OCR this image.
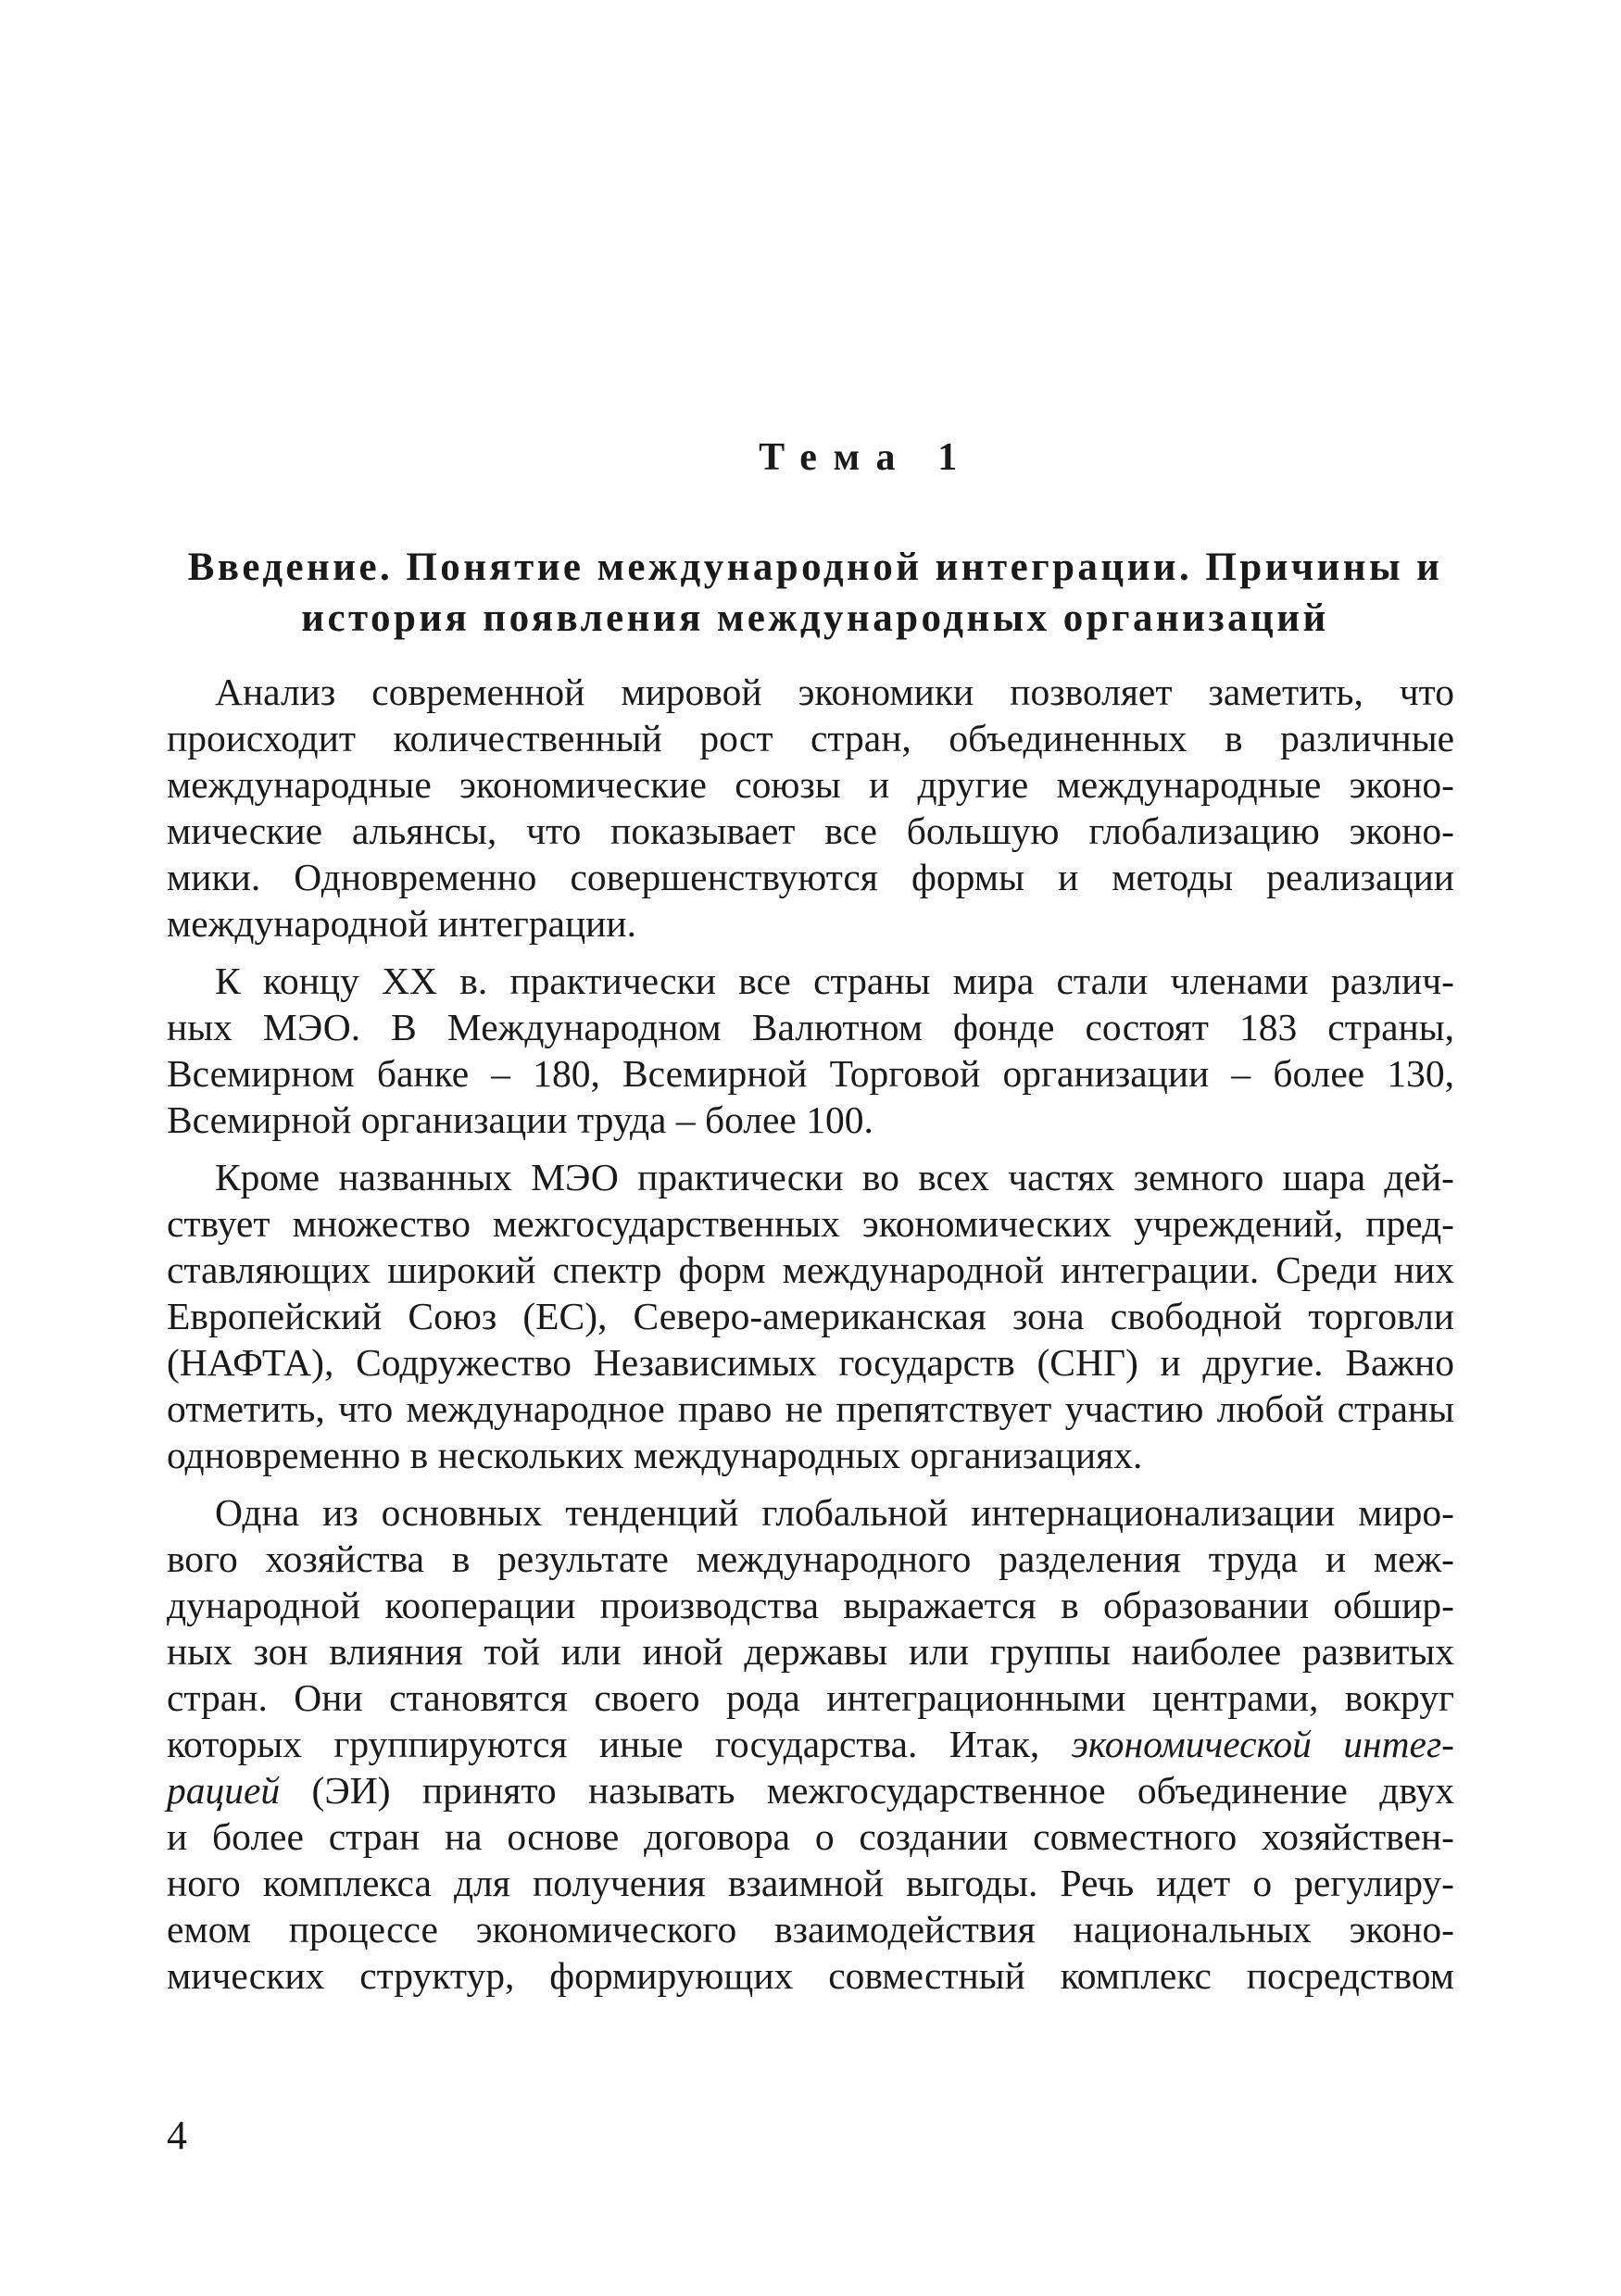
Тема 1
Введение. Понятие международной интеграции. Причины и
история появления международных организаций
Анализ современной мировой экономики позволяет заметить, что
происходит количественный рост стран, объединенных в различные
международные экономические союзы и другие международные эконо-
мические альянсы, что показывает все большую глобализацию эконо-
мики. Одновременно совершенствуются формы и методы реализации
международной интеграции.
К концу XX в. практически все страны мира стали членами различ-
ных МЭО. В Международном Валютном фонде состоят 183 страны,
Всемирном банке – 180, Всемирной Торговой организации – более 130,
Всемирной организации труда – более 100.
Кроме названных МЭО практически во всех частях земного шара дей-
ствует множество межгосударственных экономических учреждений, пред-
ставляющих широкий спектр форм международной интеграции. Среди них
Европейский Союз (ЕС), Северо-американская зона свободной торговли
(НАФТА), Содружество Независимых государств (СНГ) и другие. Важно
отметить, что международное право не препятствует участию любой страны
одновременно в нескольких международных организациях.
Одна из основных тенденций глобальной интернационализации миро-
вого хозяйства в результате международного разделения труда и меж-
дународной кооперации производства выражается в образовании обшир-
ных зон влияния той или иной державы или группы наиболее развитых
стран. Они становятся своего рода интеграционными центрами, вокруг
которых группируются иные государства. Итак, экономической интег-
рацией (ЭИ) принято называть межгосударственное объединение двух
и более стран на основе договора о создании совместного хозяйствен-
ного комплекса для получения взаимной выгоды. Речь идет о регулиру-
емом процессе экономического взаимодействия национальных эконо-
мических структур, формирующих совместный комплекс посредством
4
